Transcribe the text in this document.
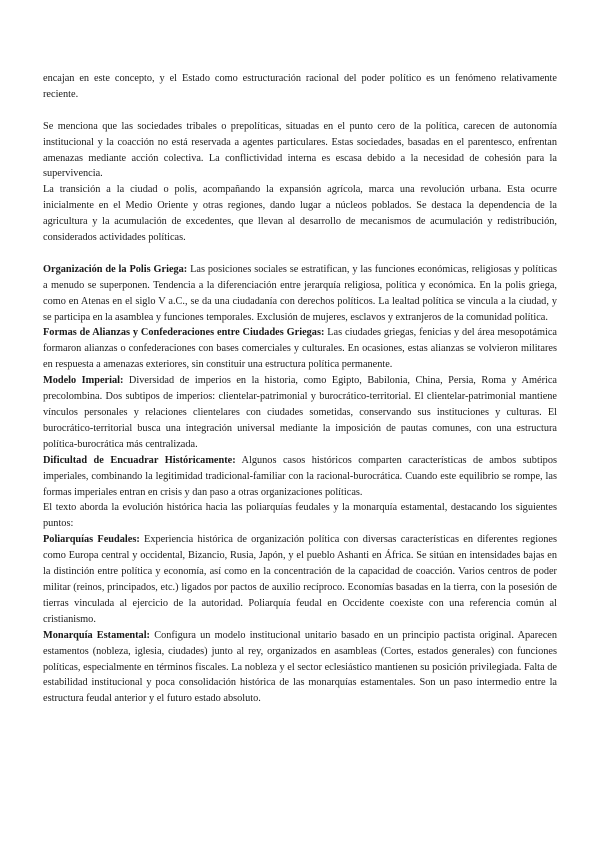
encajan en este concepto, y el Estado como estructuración racional del poder político es un fenómeno relativamente reciente.

Se menciona que las sociedades tribales o prepolíticas, situadas en el punto cero de la política, carecen de autonomía institucional y la coacción no está reservada a agentes particulares. Estas sociedades, basadas en el parentesco, enfrentan amenazas mediante acción colectiva. La conflictividad interna es escasa debido a la necesidad de cohesión para la supervivencia.

La transición a la ciudad o polis, acompañando la expansión agrícola, marca una revolución urbana. Esta ocurre inicialmente en el Medio Oriente y otras regiones, dando lugar a núcleos poblados. Se destaca la dependencia de la agricultura y la acumulación de excedentes, que llevan al desarrollo de mecanismos de acumulación y redistribución, considerados actividades políticas.

Organización de la Polis Griega: Las posiciones sociales se estratifican, y las funciones económicas, religiosas y políticas a menudo se superponen. Tendencia a la diferenciación entre jerarquía religiosa, política y económica. En la polis griega, como en Atenas en el siglo V a.C., se da una ciudadanía con derechos políticos. La lealtad política se vincula a la ciudad, y se participa en la asamblea y funciones temporales. Exclusión de mujeres, esclavos y extranjeros de la comunidad política.

Formas de Alianzas y Confederaciones entre Ciudades Griegas: Las ciudades griegas, fenicias y del área mesopotámica formaron alianzas o confederaciones con bases comerciales y culturales. En ocasiones, estas alianzas se volvieron militares en respuesta a amenazas exteriores, sin constituir una estructura política permanente.

Modelo Imperial: Diversidad de imperios en la historia, como Egipto, Babilonia, China, Persia, Roma y América precolombina. Dos subtipos de imperios: clientelar-patrimonial y burocrático-territorial. El clientelar-patrimonial mantiene vínculos personales y relaciones clientelares con ciudades sometidas, conservando sus instituciones y culturas. El burocrático-territorial busca una integración universal mediante la imposición de pautas comunes, con una estructura política-burocrática más centralizada.

Dificultad de Encuadrar Históricamente: Algunos casos históricos comparten características de ambos subtipos imperiales, combinando la legitimidad tradicional-familiar con la racional-burocrática. Cuando este equilibrio se rompe, las formas imperiales entran en crisis y dan paso a otras organizaciones políticas.

El texto aborda la evolución histórica hacia las poliarquías feudales y la monarquía estamental, destacando los siguientes puntos:

Poliarquías Feudales: Experiencia histórica de organización política con diversas características en diferentes regiones como Europa central y occidental, Bizancio, Rusia, Japón, y el pueblo Ashanti en África. Se sitúan en intensidades bajas en la distinción entre política y economía, así como en la concentración de la capacidad de coacción. Varios centros de poder militar (reinos, principados, etc.) ligados por pactos de auxilio recíproco. Economías basadas en la tierra, con la posesión de tierras vinculada al ejercicio de la autoridad. Poliarquía feudal en Occidente coexiste con una referencia común al cristianismo.

Monarquía Estamental: Configura un modelo institucional unitario basado en un principio pactista original. Aparecen estamentos (nobleza, iglesia, ciudades) junto al rey, organizados en asambleas (Cortes, estados generales) con funciones políticas, especialmente en términos fiscales. La nobleza y el sector eclesiástico mantienen su posición privilegiada. Falta de estabilidad institucional y poca consolidación histórica de las monarquías estamentales. Son un paso intermedio entre la estructura feudal anterior y el futuro estado absoluto.
